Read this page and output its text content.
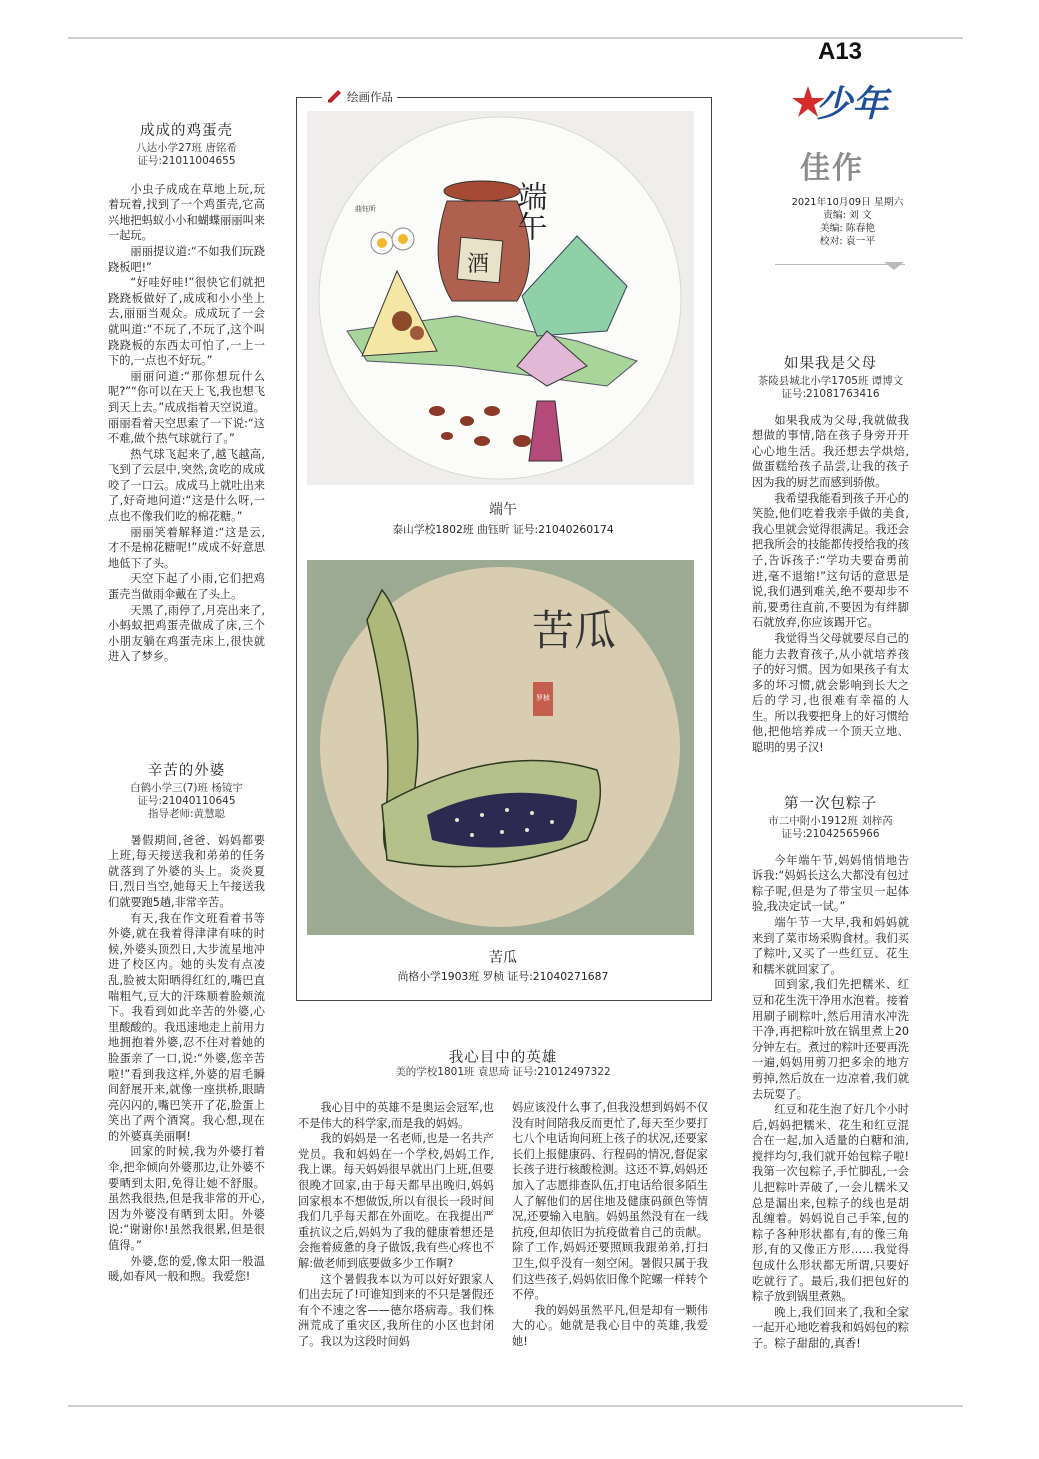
A13
少年
佳作
2021年10月09日 星期六
责编: 刘 文
美编: 陈春艳
校对: 袁一平
绘画作品
酒
端午
曲钰昕
端午
泰山学校1802班 曲钰昕 证号:21040260174
苦瓜
罗桢
苦瓜
尚格小学1903班 罗桢 证号:21040271687
成成的鸡蛋壳
八达小学27班 唐铭希
证号:21011004655

小虫子成成在草地上玩,玩着玩着,找到了一个鸡蛋壳,它高兴地把蚂蚁小小和蝴蝶丽丽叫来一起玩。

丽丽提议道:“不如我们玩跷跷板吧!”

“好哇好哇!”很快它们就把跷跷板做好了,成成和小小坐上去,丽丽当观众。成成玩了一会就叫道:“不玩了,不玩了,这个叫跷跷板的东西太可怕了,一上一下的,一点也不好玩。”

丽丽问道:“那你想玩什么呢?”“你可以在天上飞,我也想飞到天上去。”成成指着天空说道。丽丽看着天空思索了一下说:“这不难,做个热气球就行了。”

热气球飞起来了,越飞越高,飞到了云层中,突然,贪吃的成成咬了一口云。成成马上就吐出来了,好奇地问道:“这是什么呀,一点也不像我们吃的棉花糖。”

丽丽笑着解释道:“这是云,才不是棉花糖呢!”成成不好意思地低下了头。

天空下起了小雨,它们把鸡蛋壳当做雨伞戴在了头上。

天黑了,雨停了,月亮出来了,小蚂蚁把鸡蛋壳做成了床,三个小朋友躺在鸡蛋壳床上,很快就进入了梦乡。

辛苦的外婆
白鹤小学三(7)班 杨镜宇
证号:21040110645
指导老师:黄慧聪

暑假期间,爸爸、妈妈都要上班,每天接送我和弟弟的任务就落到了外婆的头上。炎炎夏日,烈日当空,她每天上午接送我们就要跑5趟,非常辛苦。

有天,我在作文班看着书等外婆,就在我着得津津有味的时候,外婆头顶烈日,大步流星地冲进了校区内。她的头发有点凌乱,脸被太阳晒得红红的,嘴巴直喘粗气,豆大的汗珠顺着脸颊流下。我看到如此辛苦的外婆,心里酸酸的。我迅速地走上前用力地拥抱着外婆,忍不住对着她的脸蛋亲了一口,说:“外婆,您辛苦啦!”看到我这样,外婆的眉毛瞬间舒展开来,就像一座拱桥,眼睛亮闪闪的,嘴巴笑开了花,脸蛋上笑出了两个酒窝。我心想,现在的外婆真美丽啊!

回家的时候,我为外婆打着伞,把伞倾向外婆那边,让外婆不要晒到太阳,免得让她不舒服。虽然我很热,但是我非常的开心,因为外婆没有晒到太阳。外婆说:“谢谢你!虽然我很累,但是很值得。”

外婆,您的爱,像太阳一般温暖,如春风一般和煦。我爱您!

我心目中的英雄
美的学校1801班 袁思琦 证号:21012497322

我心目中的英雄不是奥运会冠军,也不是伟大的科学家,而是我的妈妈。

我的妈妈是一名老师,也是一名共产党员。我和妈妈在一个学校,妈妈工作,我上课。每天妈妈很早就出门上班,但要很晚才回家,由于每天都早出晚归,妈妈回家根本不想做饭,所以有很长一段时间我们几乎每天都在外面吃。在我提出严重抗议之后,妈妈为了我的健康着想还是会拖着疲惫的身子做饭,我有些心疼也不解:做老师到底要做多少工作啊?

这个暑假我本以为可以好好跟家人们出去玩了!可谁知到来的不只是暑假还有个不速之客——德尔塔病毒。我们株洲荒成了重灾区,我所住的小区也封闭了。我以为这段时间妈

妈应该没什么事了,但我没想到妈妈不仅没有时间陪我反而更忙了,每天至少要打七八个电话询问班上孩子的状况,还要家长们上报健康码、行程码的情况,督促家长孩子进行核酸检测。这还不算,妈妈还加入了志愿排查队伍,打电话给很多陌生人了解他们的居住地及健康码颜色等情况,还要输入电脑。妈妈虽然没有在一线抗疫,但却依旧为抗疫做着自己的贡献。除了工作,妈妈还要照顾我跟弟弟,打扫卫生,似乎没有一刻空闲。暑假只属于我们这些孩子,妈妈依旧像个陀螺一样转个不停。

我的妈妈虽然平凡,但是却有一颗伟大的心。她就是我心目中的英雄,我爱她!

如果我是父母
茶陵县城北小学1705班 谭博文
证号:21081763416

如果我成为父母,我就做我想做的事情,陪在孩子身旁开开心心地生活。我还想去学烘焙,做蛋糕给孩子品尝,让我的孩子因为我的厨艺而感到骄傲。

我希望我能看到孩子开心的笑脸,他们吃着我亲手做的美食,我心里就会觉得很满足。我还会把我所会的技能都传授给我的孩子,告诉孩子:“学功夫要奋勇前进,毫不退缩!”这句话的意思是说,我们遇到难关,绝不要却步不前,要勇往直前,不要因为有绊脚石就放弃,你应该踢开它。

我觉得当父母就要尽自己的能力去教育孩子,从小就培养孩子的好习惯。因为如果孩子有太多的坏习惯,就会影响到长大之后的学习,也很难有幸福的人生。所以我要把身上的好习惯给他,把他培养成一个顶天立地、聪明的男子汉!

第一次包粽子
市二中附小1912班 刘梓芮
证号:21042565966

今年端午节,妈妈悄悄地告诉我:“妈妈长这么大都没有包过粽子呢,但是为了带宝贝一起体验,我决定试一试。”

端午节一大早,我和妈妈就来到了菜市场采购食材。我们买了粽叶,又买了一些红豆、花生和糯米就回家了。

回到家,我们先把糯米、红豆和花生洗干净用水泡着。接着用刷子刷粽叶,然后用清水冲洗干净,再把粽叶放在锅里煮上20分钟左右。煮过的粽叶还要再洗一遍,妈妈用剪刀把多余的地方剪掉,然后放在一边凉着,我们就去玩耍了。

红豆和花生泡了好几个小时后,妈妈把糯米、花生和红豆混合在一起,加入适量的白糖和油,搅拌均匀,我们就开始包粽子啦!我第一次包粽子,手忙脚乱,一会儿把粽叶弄破了,一会儿糯米又总是漏出来,包粽子的线也是胡乱缠着。妈妈说自己手笨,包的粽子各种形状都有,有的像三角形,有的又像正方形……我觉得包成什么形状都无所谓,只要好吃就行了。最后,我们把包好的粽子放到锅里煮熟。

晚上,我们回来了,我和全家一起开心地吃着我和妈妈包的粽子。粽子甜甜的,真香!
